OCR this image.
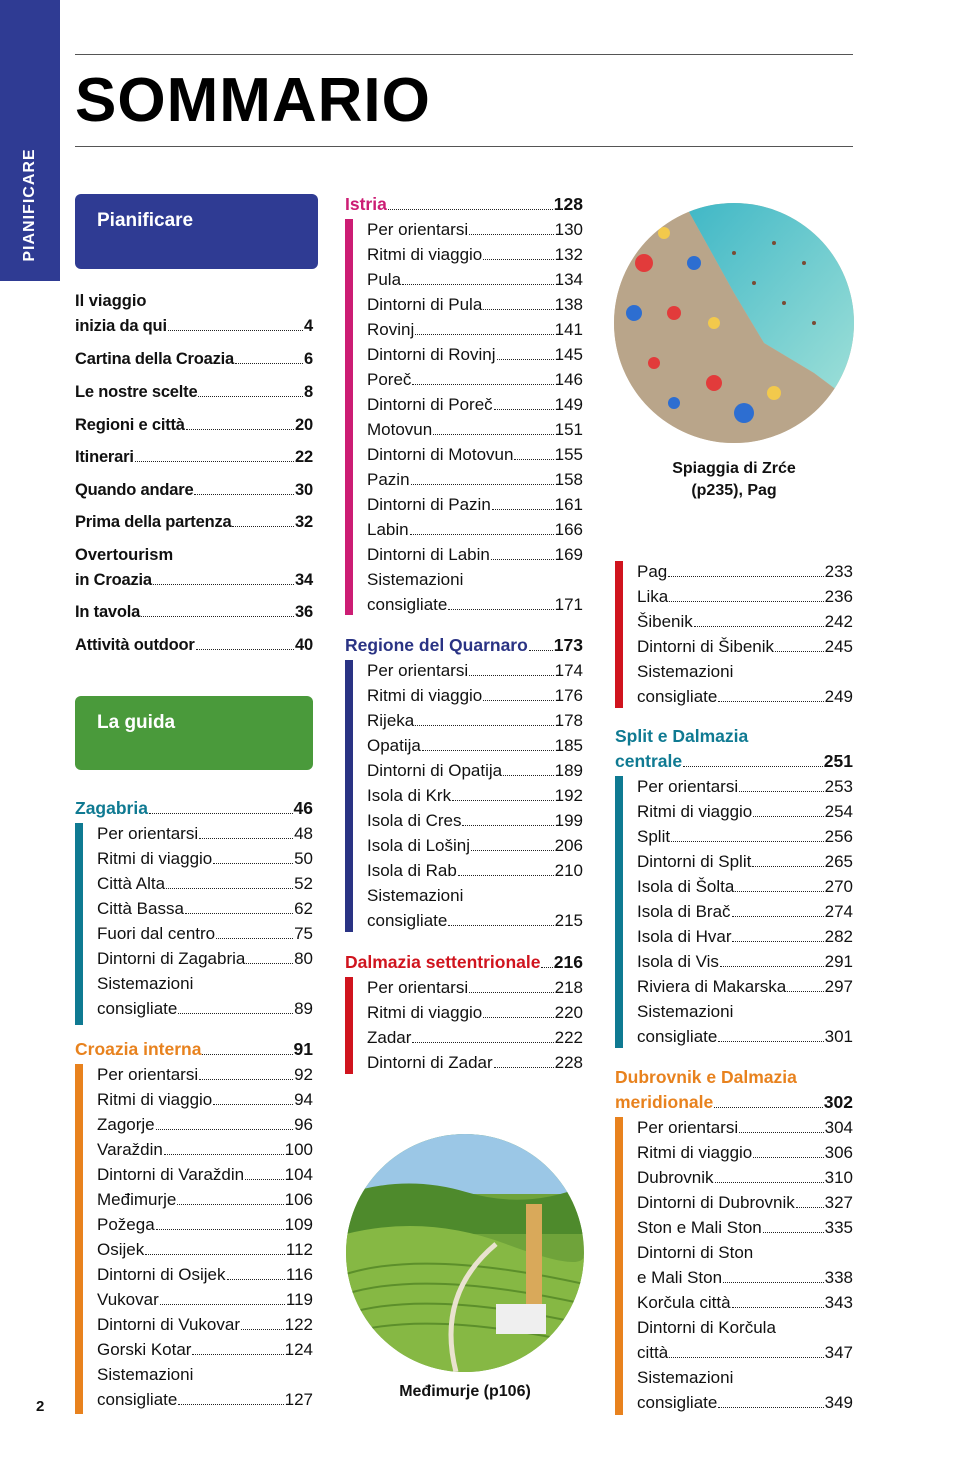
PIANIFICARE
SOMMARIO
Pianificare
La guida
Il viaggio
inizia da qui	4
Cartina della Croazia	6
Le nostre scelte	8
Regioni e città	20
Itinerari	22
Quando andare	30
Prima della partenza	32
Overtourism
in Croazia	34
In tavola	36
Attività outdoor	40
Zagabria	46
Per orientarsi	48
Ritmi di viaggio	50
Città Alta	52
Città Bassa	62
Fuori dal centro	75
Dintorni di Zagabria	80
Sistemazioni
consigliate	89
Croazia interna	91
Per orientarsi	92
Ritmi di viaggio	94
Zagorje	96
Varaždin	100
Dintorni di Varaždin 104
Međimurje	106
Požega	109
Osijek	112
Dintorni di Osijek	116
Vukovar	119
Dintorni di Vukovar	122
Gorski Kotar	124
Sistemazioni
consigliate	127
Istria	128
Per orientarsi	130
Ritmi di viaggio	132
Pula	134
Dintorni di Pula	138
Rovinj	141
Dintorni di Rovinj	145
Poreč	146
Dintorni di Poreč	149
Motovun	151
Dintorni di Motovun 155
Pazin	158
Dintorni di Pazin	161
Labin	166
Dintorni di Labin	169
Sistemazioni
consigliate	171
Regione del Quarnaro 173
Per orientarsi	174
Ritmi di viaggio	176
Rijeka	178
Opatija	185
Dintorni di Opatija	189
Isola di Krk	192
Isola di Cres	199
Isola di Lošinj	206
Isola di Rab	210
Sistemazioni
consigliate	215
Dalmazia settentrionale 216
Per orientarsi	218
Ritmi di viaggio	220
Zadar	222
Dintorni di Zadar	228
Pag	233
Lika	236
Šibenik	242
Dintorni di Šibenik	245
Sistemazioni
consigliate	249
Split e Dalmazia
centrale	251
Per orientarsi	253
Ritmi di viaggio	254
Split	256
Dintorni di Split	265
Isola di Šolta	270
Isola di Brač	274
Isola di Hvar	282
Isola di Vis	291
Riviera di Makarska 297
Sistemazioni
consigliate	301
Dubrovnik e Dalmazia
meridionale	302
Per orientarsi	304
Ritmi di viaggio	306
Dubrovnik	310
Dintorni di Dubrovnik 327
Ston e Mali Ston	335
Dintorni di Ston
e Mali Ston	338
Korčula città	343
Dintorni di Korčula
città	347
Sistemazioni
consigliate	349
Spiaggia di Zrće
(p235), Pag
Međimurje (p106)
2
